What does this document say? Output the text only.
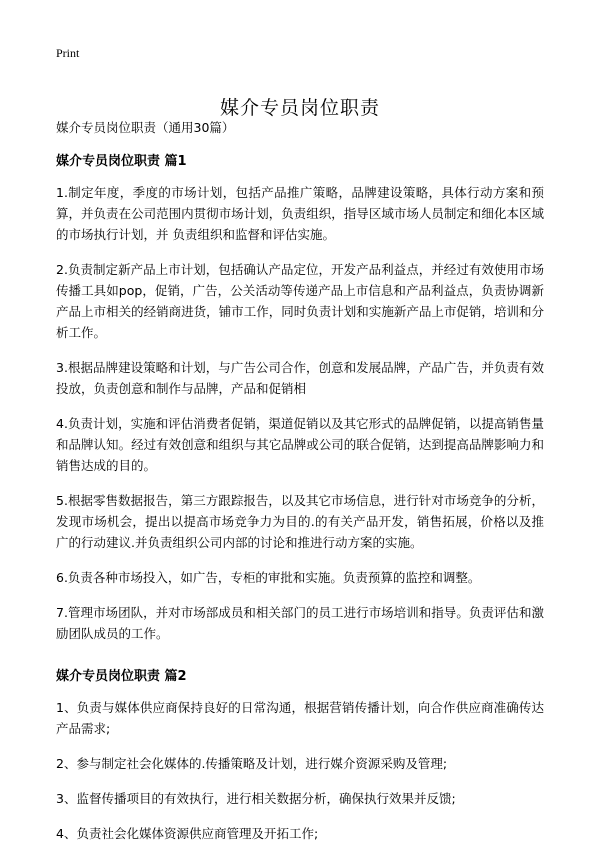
Print
媒介专员岗位职责

媒介专员岗位职责（通用30篇）

媒介专员岗位职责 篇1

1.制定年度，季度的市场计划，包括产品推广策略，品牌建设策略，具体行动方案和预算，并负责在公司范围内贯彻市场计划，负责组织，指导区域市场人员制定和细化本区域的市场执行计划，并 负责组织和监督和评估实施。

2.负责制定新产品上市计划，包括确认产品定位，开发产品利益点，并经过有效使用市场传播工具如pop，促销，广告，公关活动等传递产品上市信息和产品利益点，负责协调新产品上市相关的经销商进货，铺市工作，同时负责计划和实施新产品上市促销，培训和分析工作。

3.根据品牌建设策略和计划，与广告公司合作，创意和发展品牌，产品广告，并负责有效投放，负责创意和制作与品牌，产品和促销相

4.负责计划，实施和评估消费者促销，渠道促销以及其它形式的品牌促销，以提高销售量和品牌认知。经过有效创意和组织与其它品牌或公司的联合促销，达到提高品牌影响力和销售达成的目的。

5.根据零售数据报告，第三方跟踪报告，以及其它市场信息，进行针对市场竞争的分析，发现市场机会，提出以提高市场竞争力为目的.的有关产品开发，销售拓展，价格以及推广的行动建议.并负责组织公司内部的讨论和推进行动方案的实施。

6.负责各种市场投入，如广告，专柜的审批和实施。负责预算的监控和调整。

7.管理市场团队，并对市场部成员和相关部门的员工进行市场培训和指导。负责评估和激励团队成员的工作。

媒介专员岗位职责 篇2

1、负责与媒体供应商保持良好的日常沟通，根据营销传播计划，向合作供应商准确传达产品需求;

2、参与制定社会化媒体的.传播策略及计划，进行媒介资源采购及管理;

3、监督传播项目的有效执行，进行相关数据分析，确保执行效果并反馈;

4、负责社会化媒体资源供应商管理及开拓工作;
